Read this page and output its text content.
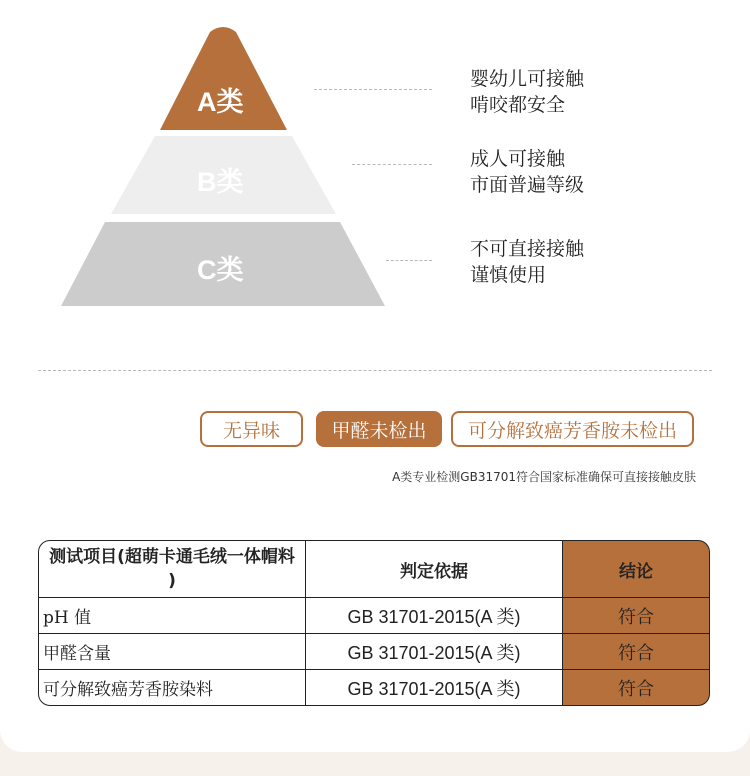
A类
B类
C类
婴幼儿可接触
啃咬都安全
成人可接触
市面普遍等级
不可直接接触
谨慎使用
无异味	甲醛未检出	可分解致癌芳香胺未检出
A类专业检测GB31701符合国家标准确保可直接接触皮肤
测试项目(超萌卡通毛绒一体帽料 )	判定依据	结论
pH 值	GB 31701-2015(A 类)	符合
甲醛含量	GB 31701-2015(A 类)	符合
可分解致癌芳香胺染料	GB 31701-2015(A 类)	符合
